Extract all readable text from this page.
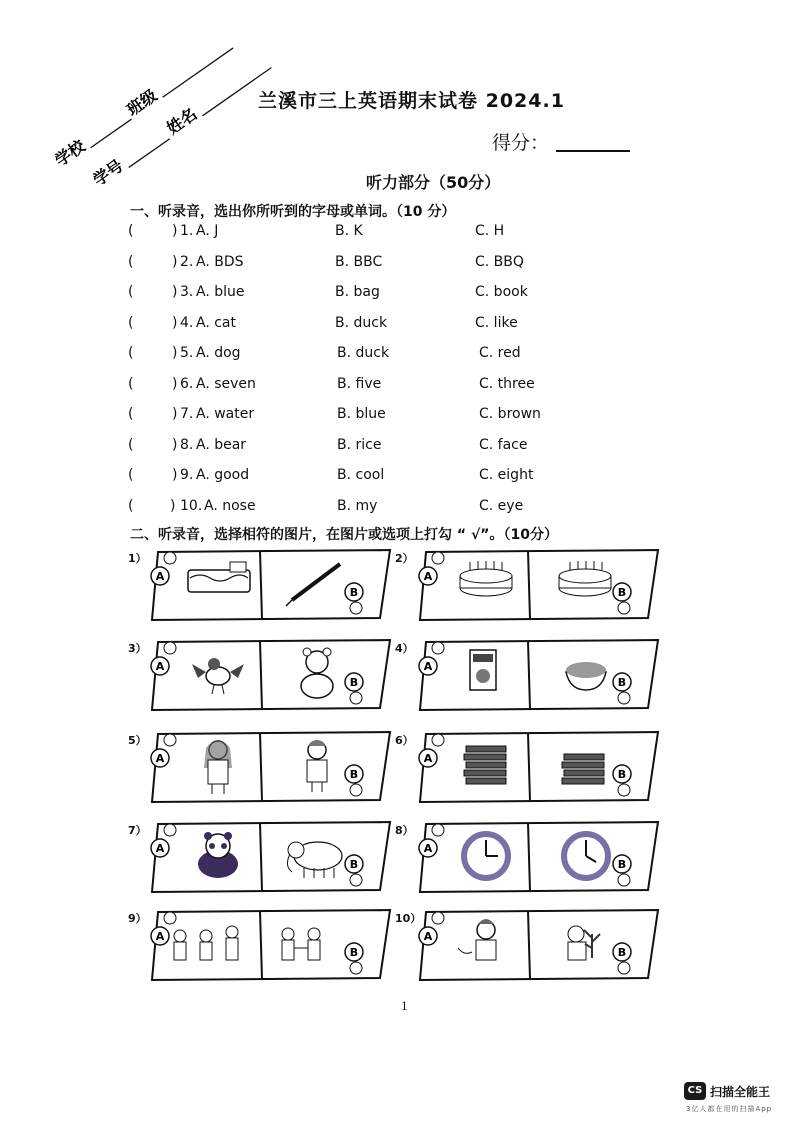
学校
班级
学号
姓名
兰溪市三上英语期末试卷 2024.1
得分：
听力部分（50分）
一、听录音，选出你所听到的字母或单词。（10 分）
(	) 1. A. J	B. K	C. H
(	) 2. A. BDS	B. BBC	C. BBQ
(	) 3. A. blue	B. bag	C. book
(	) 4. A. cat	B. duck	C. like
(	) 5. A. dog	B. duck	C. red
(	) 6. A. seven	B. five	C. three
(	) 7. A. water	B. blue	C. brown
(	) 8. A. bear	B. rice	C. face
(	) 9. A. good	B. cool	C. eight
(	) 10. A. nose	B. my	C. eye
二、听录音，选择相符的图片，在图片或选项上打勾 “ √”。（10分）
1）
A
B
2）
A
B
3）
A
B
4）
A
B
5）
A
B
6）
A
B
7）
A
B
8）
A
B
9）
A
B
10）
A
B
1
CS 扫描全能王
3亿人都在用的扫描App
